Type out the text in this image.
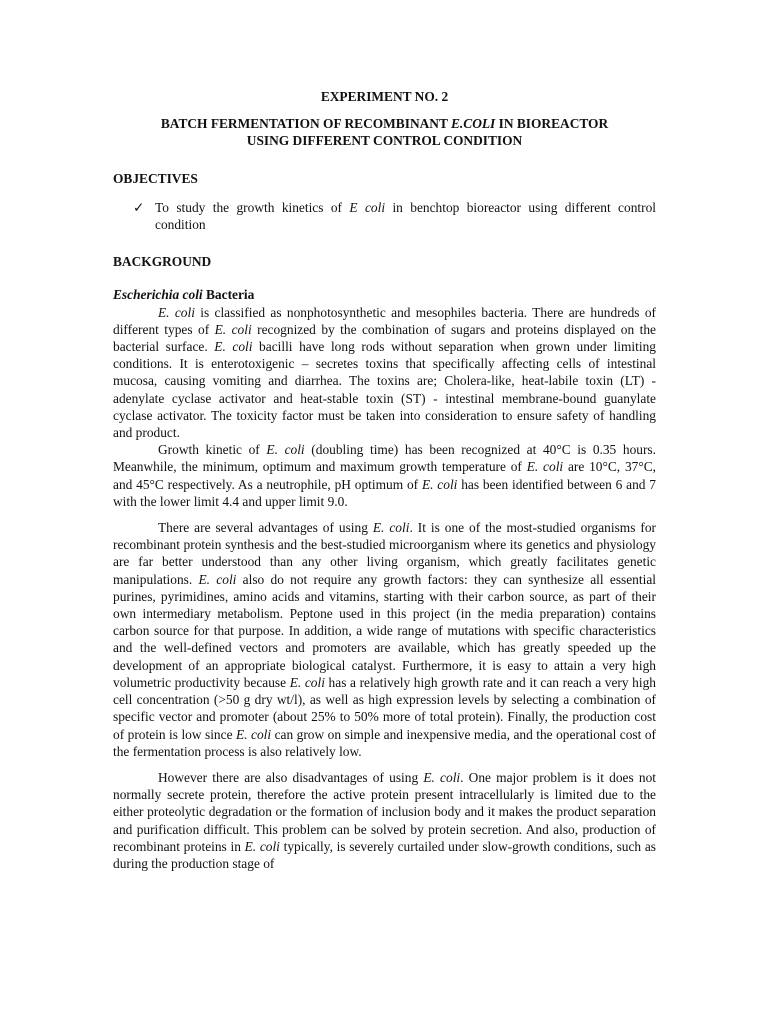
EXPERIMENT NO. 2
BATCH FERMENTATION OF RECOMBINANT E.COLI IN BIOREACTOR
USING DIFFERENT CONTROL CONDITION
OBJECTIVES
✓ To study the growth kinetics of E coli in benchtop bioreactor using different control condition
BACKGROUND
Escherichia coli Bacteria

E. coli is classified as nonphotosynthetic and mesophiles bacteria. There are hundreds of different types of E. coli recognized by the combination of sugars and proteins displayed on the bacterial surface. E. coli bacilli have long rods without separation when grown under limiting conditions. It is enterotoxigenic – secretes toxins that specifically affecting cells of intestinal mucosa, causing vomiting and diarrhea. The toxins are; Cholera-like, heat-labile toxin (LT) - adenylate cyclase activator and heat-stable toxin (ST) - intestinal membrane-bound guanylate cyclase activator. The toxicity factor must be taken into consideration to ensure safety of handling and product.

Growth kinetic of E. coli (doubling time) has been recognized at 40°C is 0.35 hours. Meanwhile, the minimum, optimum and maximum growth temperature of E. coli are 10°C, 37°C, and 45°C respectively. As a neutrophile, pH optimum of E. coli has been identified between 6 and 7 with the lower limit 4.4 and upper limit 9.0.

There are several advantages of using E. coli. It is one of the most-studied organisms for recombinant protein synthesis and the best-studied microorganism where its genetics and physiology are far better understood than any other living organism, which greatly facilitates genetic manipulations. E. coli also do not require any growth factors: they can synthesize all essential purines, pyrimidines, amino acids and vitamins, starting with their carbon source, as part of their own intermediary metabolism. Peptone used in this project (in the media preparation) contains carbon source for that purpose. In addition, a wide range of mutations with specific characteristics and the well-defined vectors and promoters are available, which has greatly speeded up the development of an appropriate biological catalyst. Furthermore, it is easy to attain a very high volumetric productivity because E. coli has a relatively high growth rate and it can reach a very high cell concentration (>50 g dry wt/l), as well as high expression levels by selecting a combination of specific vector and promoter (about 25% to 50% more of total protein). Finally, the production cost of protein is low since E. coli can grow on simple and inexpensive media, and the operational cost of the fermentation process is also relatively low.

However there are also disadvantages of using E. coli. One major problem is it does not normally secrete protein, therefore the active protein present intracellularly is limited due to the either proteolytic degradation or the formation of inclusion body and it makes the product separation and purification difficult. This problem can be solved by protein secretion. And also, production of recombinant proteins in E. coli typically, is severely curtailed under slow-growth conditions, such as during the production stage of
